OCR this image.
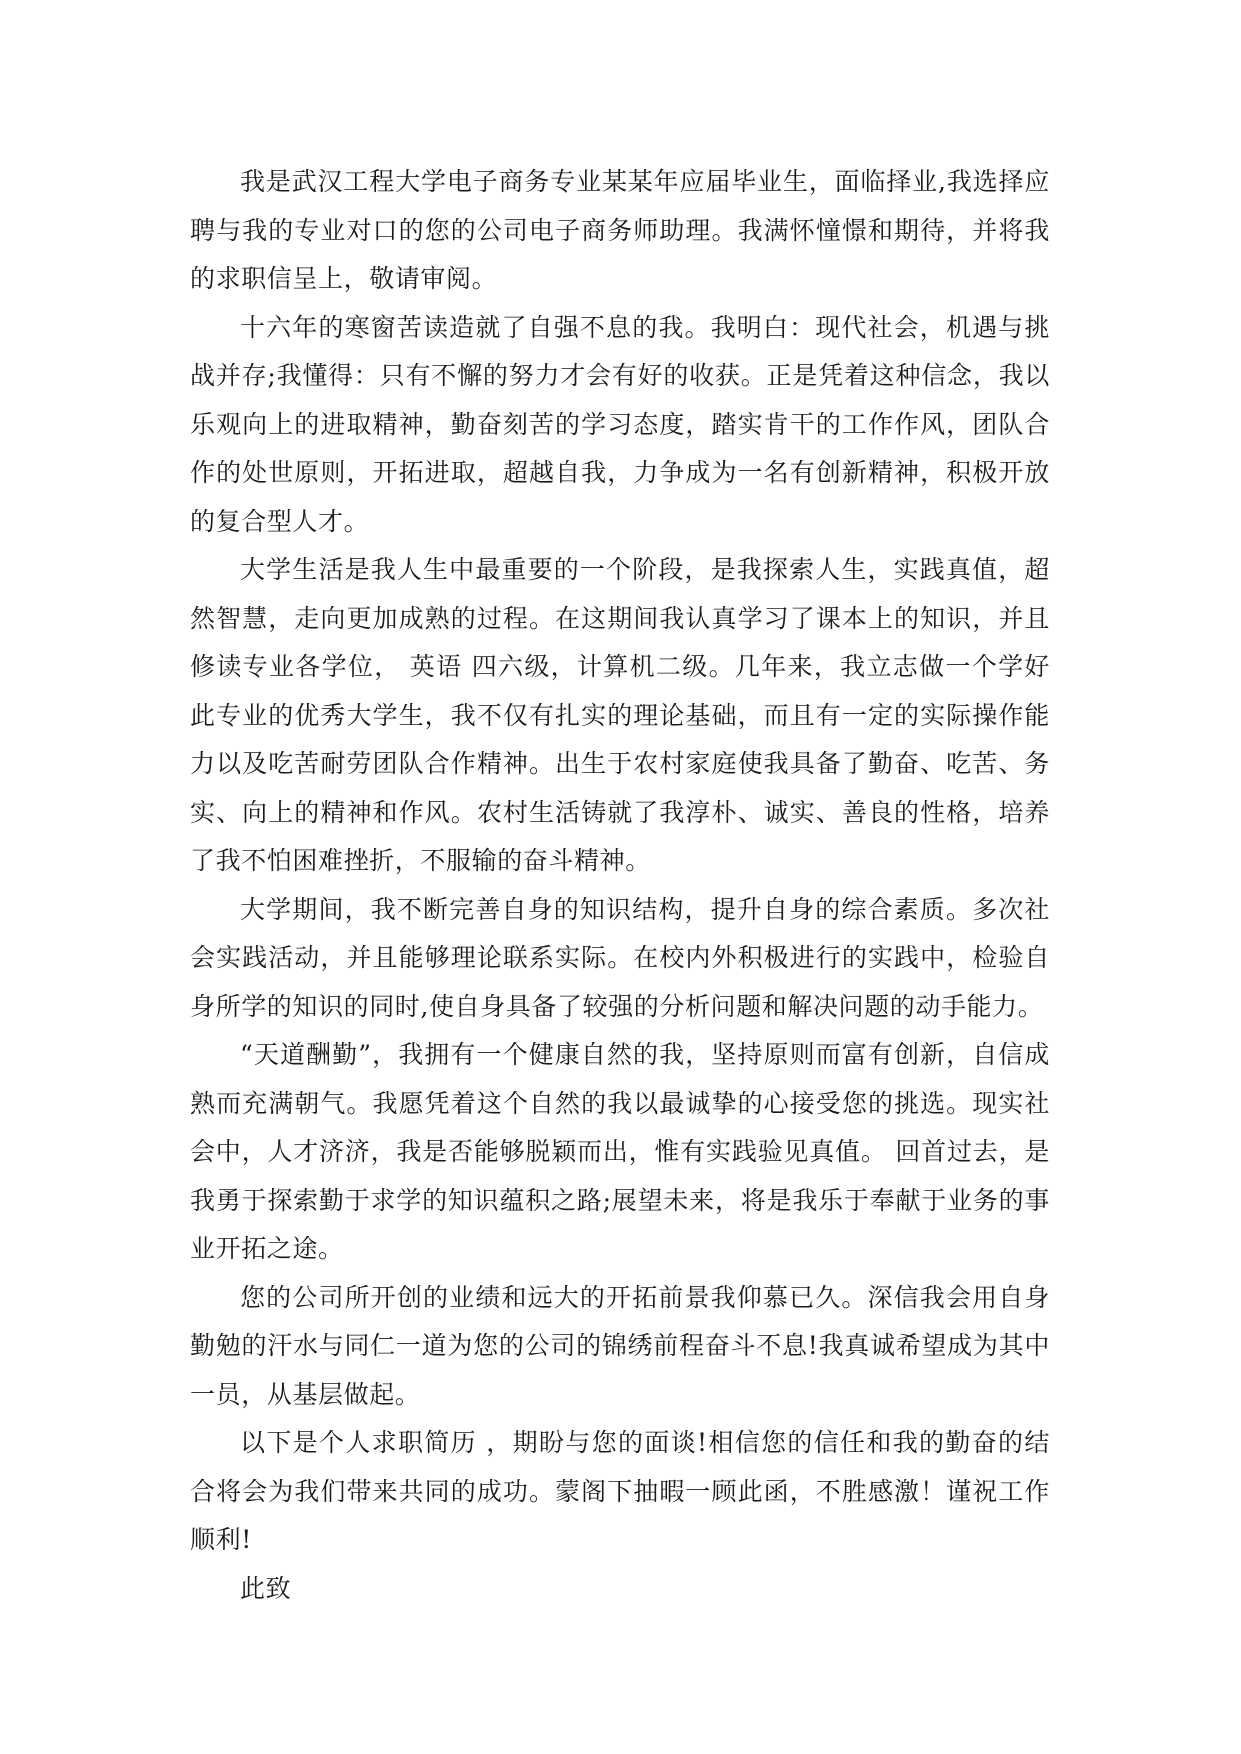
我是武汉工程大学电子商务专业某某年应届毕业生，面临择业,我选择应聘与我的专业对口的您的公司电子商务师助理。我满怀憧憬和期待，并将我的求职信呈上，敬请审阅。

十六年的寒窗苦读造就了自强不息的我。我明白：现代社会，机遇与挑战并存;我懂得：只有不懈的努力才会有好的收获。正是凭着这种信念，我以乐观向上的进取精神，勤奋刻苦的学习态度，踏实肯干的工作作风，团队合作的处世原则，开拓进取，超越自我，力争成为一名有创新精神，积极开放的复合型人才。

大学生活是我人生中最重要的一个阶段，是我探索人生，实践真值，超然智慧，走向更加成熟的过程。在这期间我认真学习了课本上的知识，并且修读专业各学位， 英语 四六级，计算机二级。几年来，我立志做一个学好此专业的优秀大学生，我不仅有扎实的理论基础，而且有一定的实际操作能力以及吃苦耐劳团队合作精神。出生于农村家庭使我具备了勤奋、吃苦、务实、向上的精神和作风。农村生活铸就了我淳朴、诚实、善良的性格，培养了我不怕困难挫折，不服输的奋斗精神。

大学期间，我不断完善自身的知识结构，提升自身的综合素质。多次社会实践活动，并且能够理论联系实际。在校内外积极进行的实践中，检验自身所学的知识的同时,使自身具备了较强的分析问题和解决问题的动手能力。

“天道酬勤”，我拥有一个健康自然的我，坚持原则而富有创新，自信成熟而充满朝气。我愿凭着这个自然的我以最诚挚的心接受您的挑选。现实社会中，人才济济，我是否能够脱颖而出，惟有实践验见真值。 回首过去，是我勇于探索勤于求学的知识蕴积之路;展望未来，将是我乐于奉献于业务的事业开拓之途。

您的公司所开创的业绩和远大的开拓前景我仰慕已久。深信我会用自身勤勉的汗水与同仁一道为您的公司的锦绣前程奋斗不息!我真诚希望成为其中一员，从基层做起。

以下是个人求职简历 ，期盼与您的面谈!相信您的信任和我的勤奋的结合将会为我们带来共同的成功。蒙阁下抽暇一顾此函，不胜感激！谨祝工作顺利!

此致
